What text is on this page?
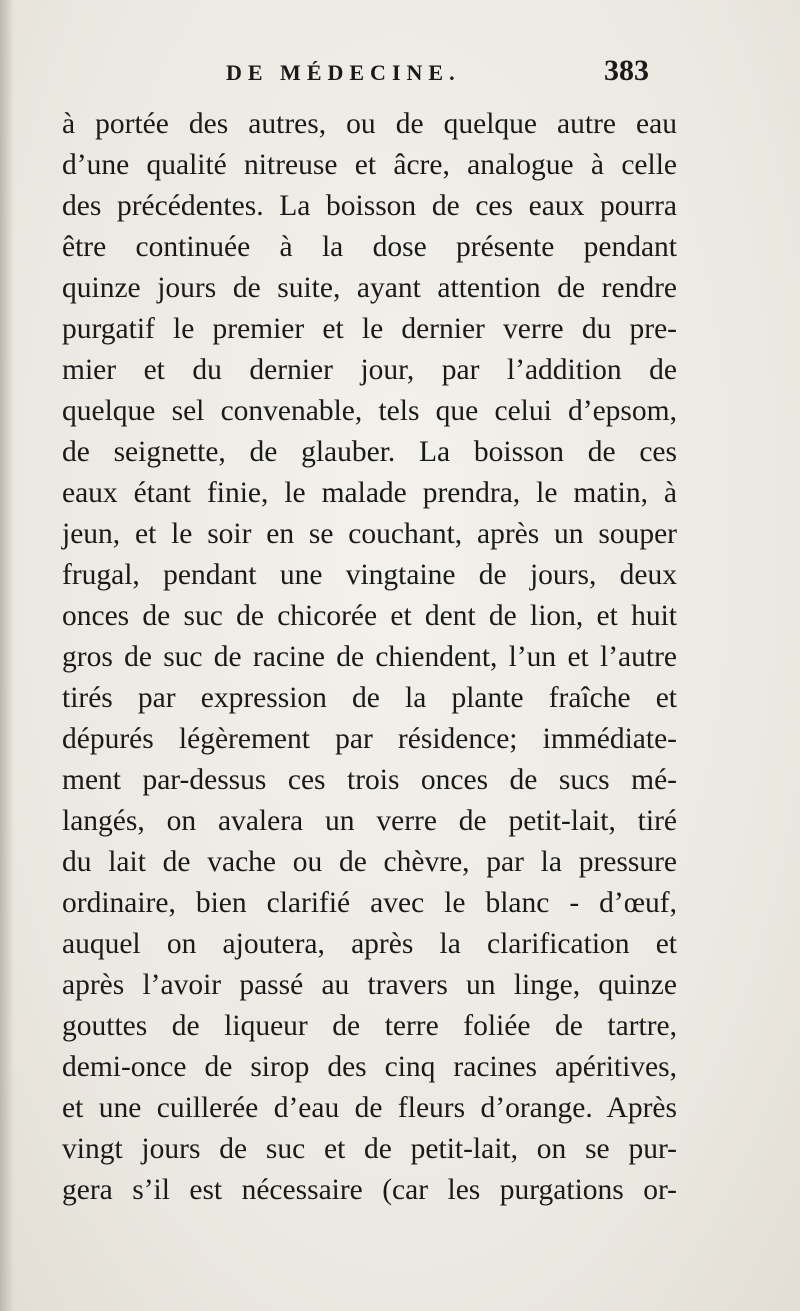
DE MÉDECINE.	383
à portée des autres, ou de quelque autre eau
d’une qualité nitreuse et âcre, analogue à celle
des précédentes. La boisson de ces eaux pourra
être continuée à la dose présente pendant
quinze jours de suite, ayant attention de rendre
purgatif le premier et le dernier verre du pre-
mier et du dernier jour, par l’addition de
quelque sel convenable, tels que celui d’epsom,
de seignette, de glauber. La boisson de ces
eaux étant finie, le malade prendra, le matin, à
jeun, et le soir en se couchant, après un souper
frugal, pendant une vingtaine de jours, deux
onces de suc de chicorée et dent de lion, et huit
gros de suc de racine de chiendent, l’un et l’autre
tirés par expression de la plante fraîche et
dépurés légèrement par résidence; immédiate-
ment par-dessus ces trois onces de sucs mé-
langés, on avalera un verre de petit-lait, tiré
du lait de vache ou de chèvre, par la pressure
ordinaire, bien clarifié avec le blanc - d’œuf,
auquel on ajoutera, après la clarification et
après l’avoir passé au travers un linge, quinze
gouttes de liqueur de terre foliée de tartre,
demi-once de sirop des cinq racines apéritives,
et une cuillerée d’eau de fleurs d’orange. Après
vingt jours de suc et de petit-lait, on se pur-
gera s’il est nécessaire (car les purgations or-
